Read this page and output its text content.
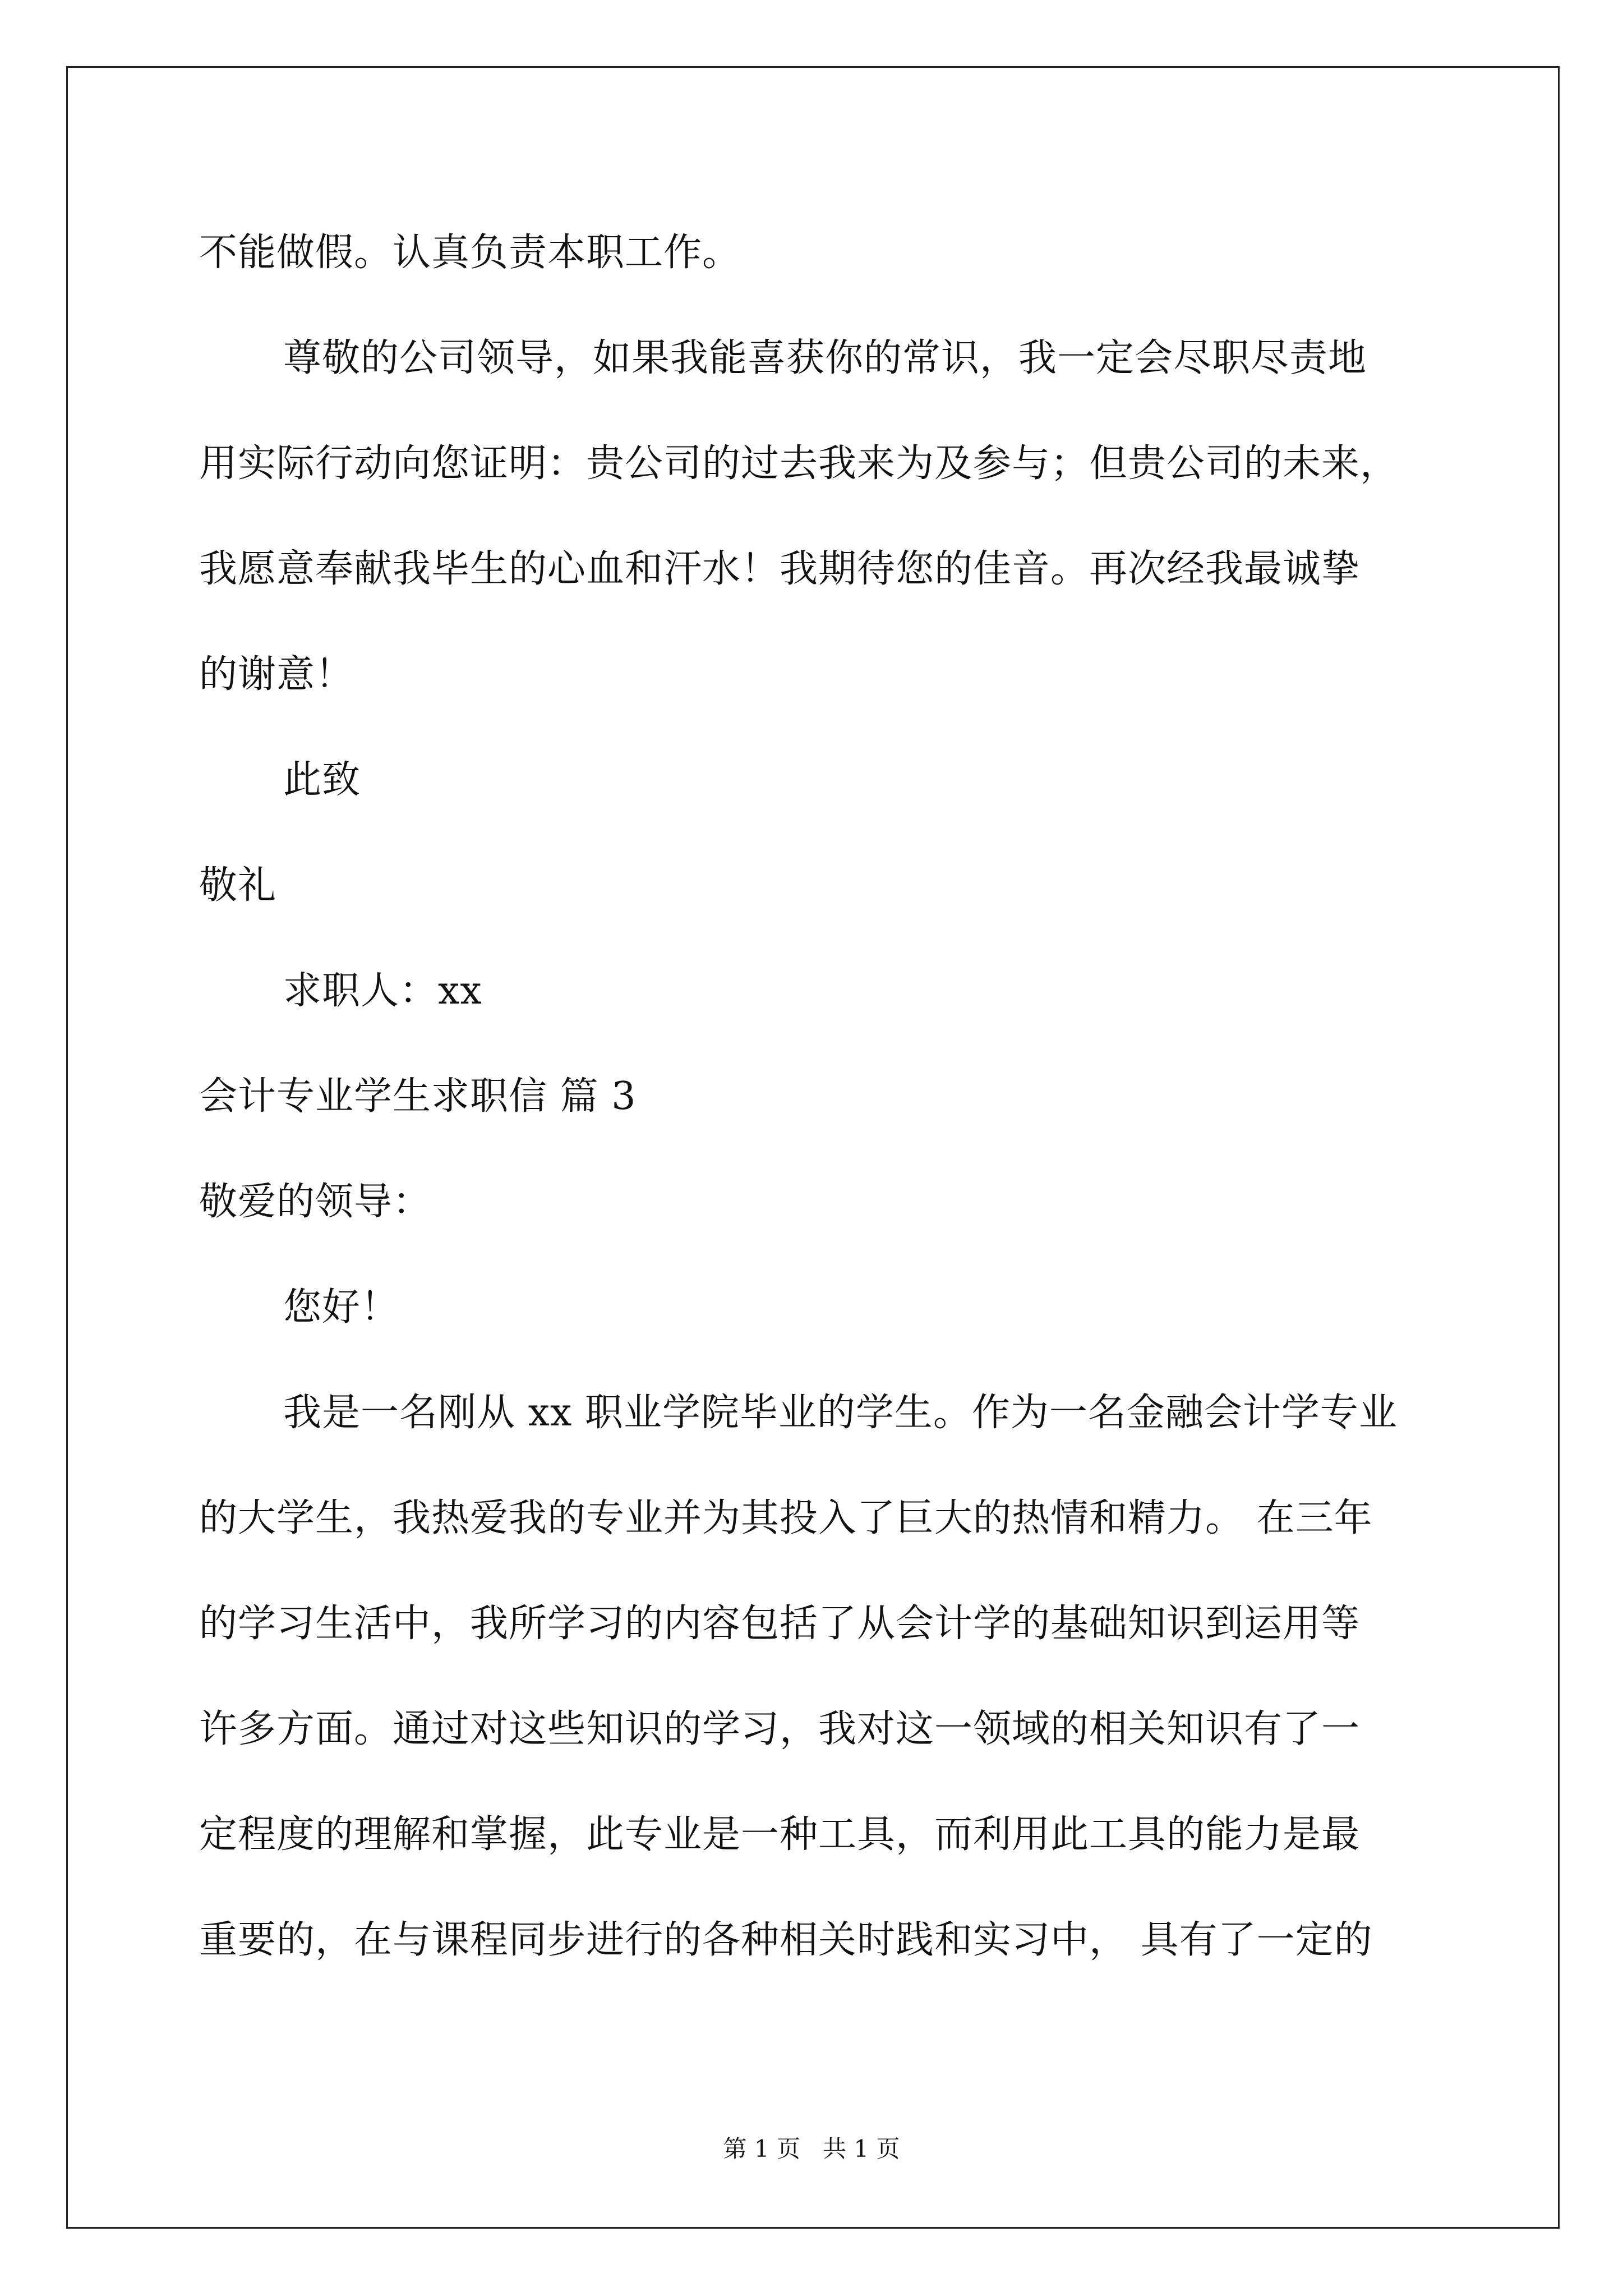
不能做假。认真负责本职工作。
尊敬的公司领导，如果我能喜获你的常识，我一定会尽职尽责地
用实际行动向您证明：贵公司的过去我来为及参与；但贵公司的未来，
我愿意奉献我毕生的心血和汗水！我期待您的佳音。再次经我最诚挚
的谢意！
此致
敬礼
求职人：xx
会计专业学生求职信 篇 3
敬爱的领导：
您好！
我是一名刚从 xx 职业学院毕业的学生。作为一名金融会计学专业
的大学生，我热爱我的专业并为其投入了巨大的热情和精力。 在三年
的学习生活中，我所学习的内容包括了从会计学的基础知识到运用等
许多方面。通过对这些知识的学习，我对这一领域的相关知识有了一
定程度的理解和掌握，此专业是一种工具，而利用此工具的能力是最
重要的，在与课程同步进行的各种相关时践和实习中， 具有了一定的
第 1 页   共 1 页
